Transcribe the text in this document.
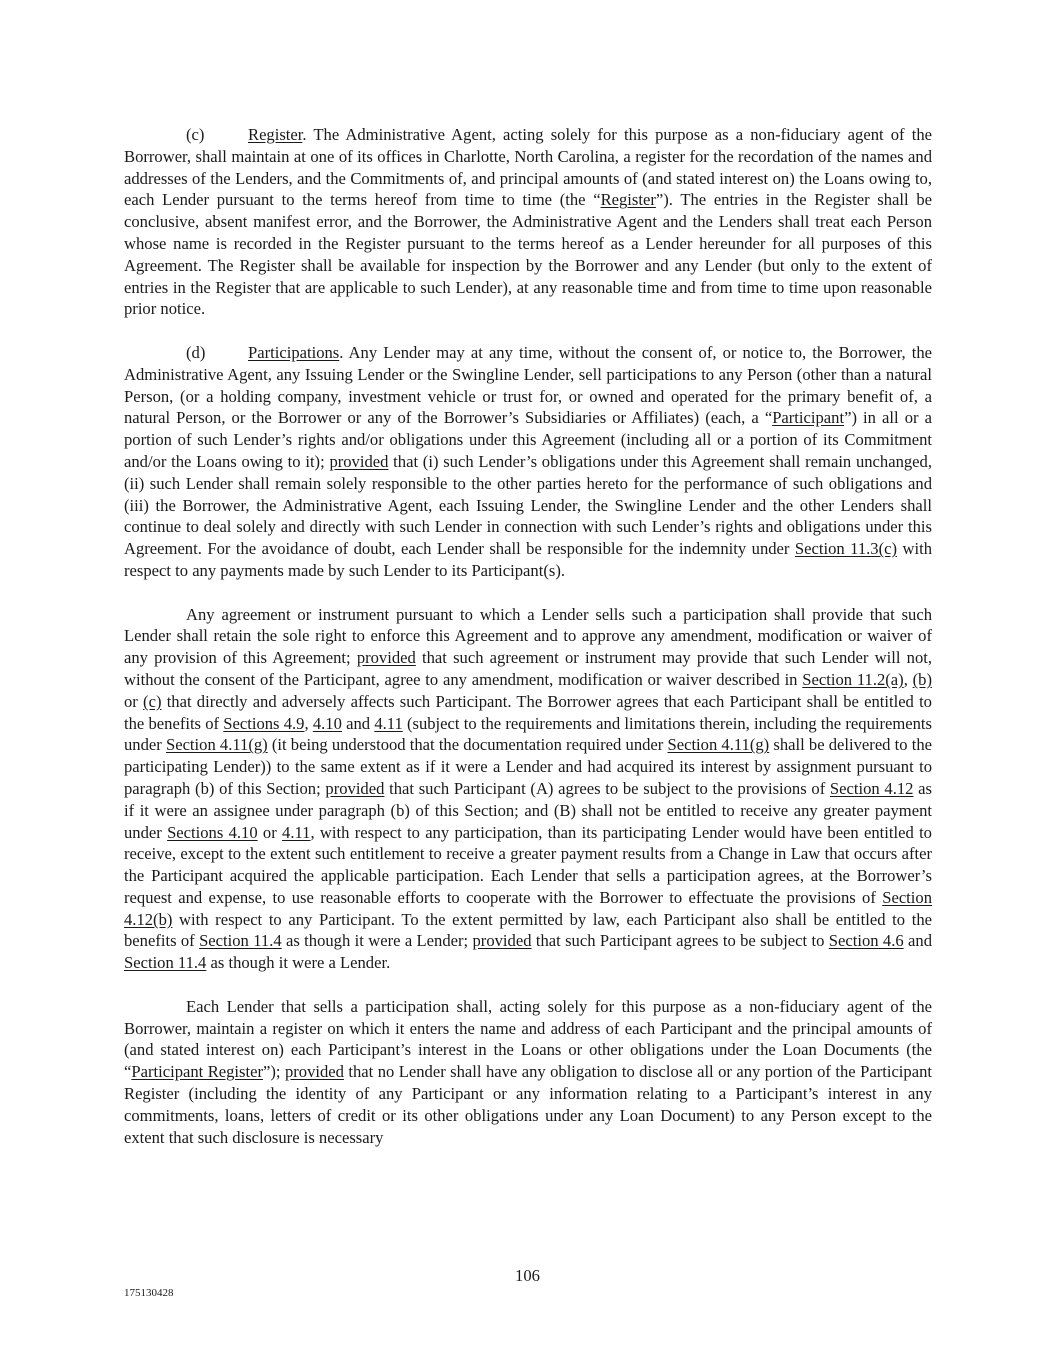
(c)	Register. The Administrative Agent, acting solely for this purpose as a non-fiduciary agent of the Borrower, shall maintain at one of its offices in Charlotte, North Carolina, a register for the recordation of the names and addresses of the Lenders, and the Commitments of, and principal amounts of (and stated interest on) the Loans owing to, each Lender pursuant to the terms hereof from time to time (the “Register”). The entries in the Register shall be conclusive, absent manifest error, and the Borrower, the Administrative Agent and the Lenders shall treat each Person whose name is recorded in the Register pursuant to the terms hereof as a Lender hereunder for all purposes of this Agreement. The Register shall be available for inspection by the Borrower and any Lender (but only to the extent of entries in the Register that are applicable to such Lender), at any reasonable time and from time to time upon reasonable prior notice.

(d)	Participations. Any Lender may at any time, without the consent of, or notice to, the Borrower, the Administrative Agent, any Issuing Lender or the Swingline Lender, sell participations to any Person (other than a natural Person, (or a holding company, investment vehicle or trust for, or owned and operated for the primary benefit of, a natural Person, or the Borrower or any of the Borrower’s Subsidiaries or Affiliates) (each, a “Participant”) in all or a portion of such Lender’s rights and/or obligations under this Agreement (including all or a portion of its Commitment and/or the Loans owing to it); provided that (i) such Lender’s obligations under this Agreement shall remain unchanged, (ii) such Lender shall remain solely responsible to the other parties hereto for the performance of such obligations and (iii) the Borrower, the Administrative Agent, each Issuing Lender, the Swingline Lender and the other Lenders shall continue to deal solely and directly with such Lender in connection with such Lender’s rights and obligations under this Agreement. For the avoidance of doubt, each Lender shall be responsible for the indemnity under Section 11.3(c) with respect to any payments made by such Lender to its Participant(s).

Any agreement or instrument pursuant to which a Lender sells such a participation shall provide that such Lender shall retain the sole right to enforce this Agreement and to approve any amendment, modification or waiver of any provision of this Agreement; provided that such agreement or instrument may provide that such Lender will not, without the consent of the Participant, agree to any amendment, modification or waiver described in Section 11.2(a), (b) or (c) that directly and adversely affects such Participant. The Borrower agrees that each Participant shall be entitled to the benefits of Sections 4.9, 4.10 and 4.11 (subject to the requirements and limitations therein, including the requirements under Section 4.11(g) (it being understood that the documentation required under Section 4.11(g) shall be delivered to the participating Lender)) to the same extent as if it were a Lender and had acquired its interest by assignment pursuant to paragraph (b) of this Section; provided that such Participant (A) agrees to be subject to the provisions of Section 4.12 as if it were an assignee under paragraph (b) of this Section; and (B) shall not be entitled to receive any greater payment under Sections 4.10 or 4.11, with respect to any participation, than its participating Lender would have been entitled to receive, except to the extent such entitlement to receive a greater payment results from a Change in Law that occurs after the Participant acquired the applicable participation. Each Lender that sells a participation agrees, at the Borrower’s request and expense, to use reasonable efforts to cooperate with the Borrower to effectuate the provisions of Section 4.12(b) with respect to any Participant. To the extent permitted by law, each Participant also shall be entitled to the benefits of Section 11.4 as though it were a Lender; provided that such Participant agrees to be subject to Section 4.6 and Section 11.4 as though it were a Lender.

Each Lender that sells a participation shall, acting solely for this purpose as a non-fiduciary agent of the Borrower, maintain a register on which it enters the name and address of each Participant and the principal amounts of (and stated interest on) each Participant’s interest in the Loans or other obligations under the Loan Documents (the “Participant Register”); provided that no Lender shall have any obligation to disclose all or any portion of the Participant Register (including the identity of any Participant or any information relating to a Participant’s interest in any commitments, loans, letters of credit or its other obligations under any Loan Document) to any Person except to the extent that such disclosure is necessary

106
175130428
